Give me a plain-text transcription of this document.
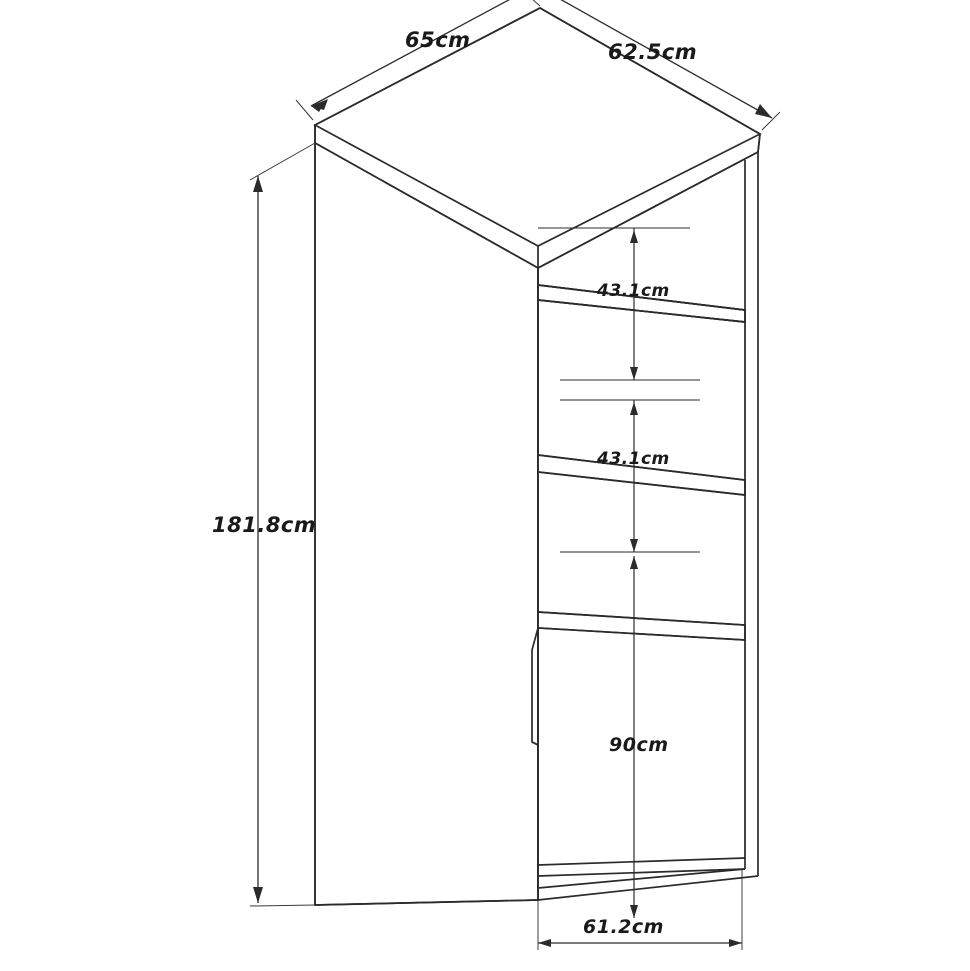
65cm	62.5cm
181.8cm
43.1cm
43.1cm
90cm
61.2cm
